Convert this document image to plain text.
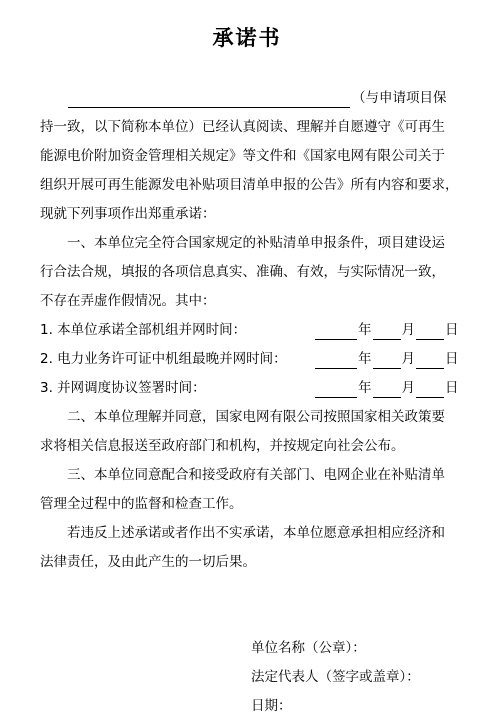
承诺书
（与申请项目保
持一致，以下简称本单位）已经认真阅读、理解并自愿遵守《可再生
能源电价附加资金管理相关规定》等文件和《国家电网有限公司关于
组织开展可再生能源发电补贴项目清单申报的公告》所有内容和要求，
现就下列事项作出郑重承诺：
一、本单位完全符合国家规定的补贴清单申报条件，项目建设运
行合法合规，填报的各项信息真实、准确、有效，与实际情况一致，
不存在弄虚作假情况。其中：
1. 本单位承诺全部机组并网时间：	年 月 日
2. 电力业务许可证中机组最晚并网时间：	年 月 日
3. 并网调度协议签署时间：	年 月 日
二、本单位理解并同意，国家电网有限公司按照国家相关政策要
求将相关信息报送至政府部门和机构，并按规定向社会公布。
三、本单位同意配合和接受政府有关部门、电网企业在补贴清单
管理全过程中的监督和检查工作。
若违反上述承诺或者作出不实承诺，本单位愿意承担相应经济和
法律责任，及由此产生的一切后果。
单位名称（公章）：
法定代表人（签字或盖章）：
日期：
